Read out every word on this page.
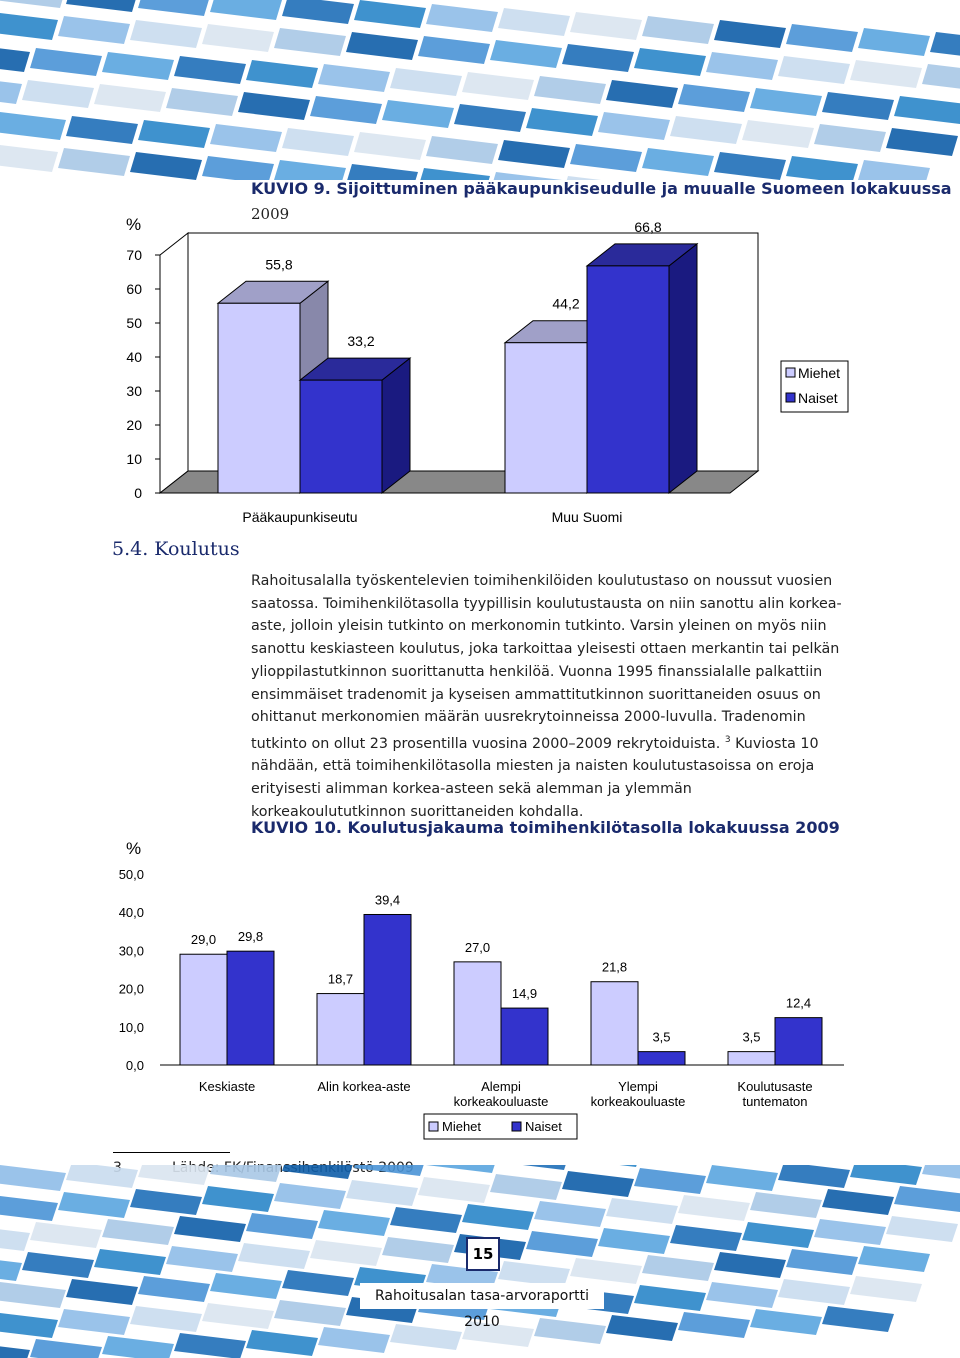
KUVIO 9. Sijoittuminen pääkaupunkiseudulle ja muualle Suomeen lokakuussa
2009
%
0
10
20
30
40
50
60
70
Pääkaupunkiseutu
55,8
33,2
Muu Suomi
44,2
66,8
Miehet
Naiset
5.4. Koulutus

Rahoitusalalla työskentelevien toimihenkilöiden koulutustaso on noussut vuosien saatossa. Toimihenkilötasolla tyypillisin koulutustausta on niin sanottu alin korkea-aste, jolloin yleisin tutkinto on merkonomin tutkinto. Varsin yleinen on myös niin sanottu keskiasteen koulutus, joka tarkoittaa yleisesti ottaen merkantin tai pelkän ylioppilastutkinnon suorittanutta henkilöä. Vuonna 1995 finanssialalle palkattiin ensimmäiset tradenomit ja kyseisen ammattitutkinnon suorittaneiden osuus on ohittanut merkonomien määrän uusrekrytoinneissa 2000-luvulla. Tradenomin tutkinto on ollut 23 prosentilla vuosina 2000–2009 rekrytoiduista. $^3$ Kuviosta 10 nähdään, että toimihenkilötasolla miesten ja naisten koulutustasoissa on eroja erityisesti alimman korkea-asteen sekä alemman ja ylemmän korkeakoulututkinnon suorittaneiden kohdalla.

KUVIO 10. Koulutusjakauma toimihenkilötasolla lokakuussa 2009
%
0,0
10,0
20,0
30,0
40,0
50,0
Keskiaste
29,0 29,8
Alin korkea-aste
18,7
39,4
Alempi
korkeakouluaste
27,0
14,9
Ylempi
korkeakouluaste
21,8
3,5
Koulutusaste
tuntematon
3,5
12,4
Miehet	Naiset
15
Rahoitusalan tasa-arvoraportti 2010
